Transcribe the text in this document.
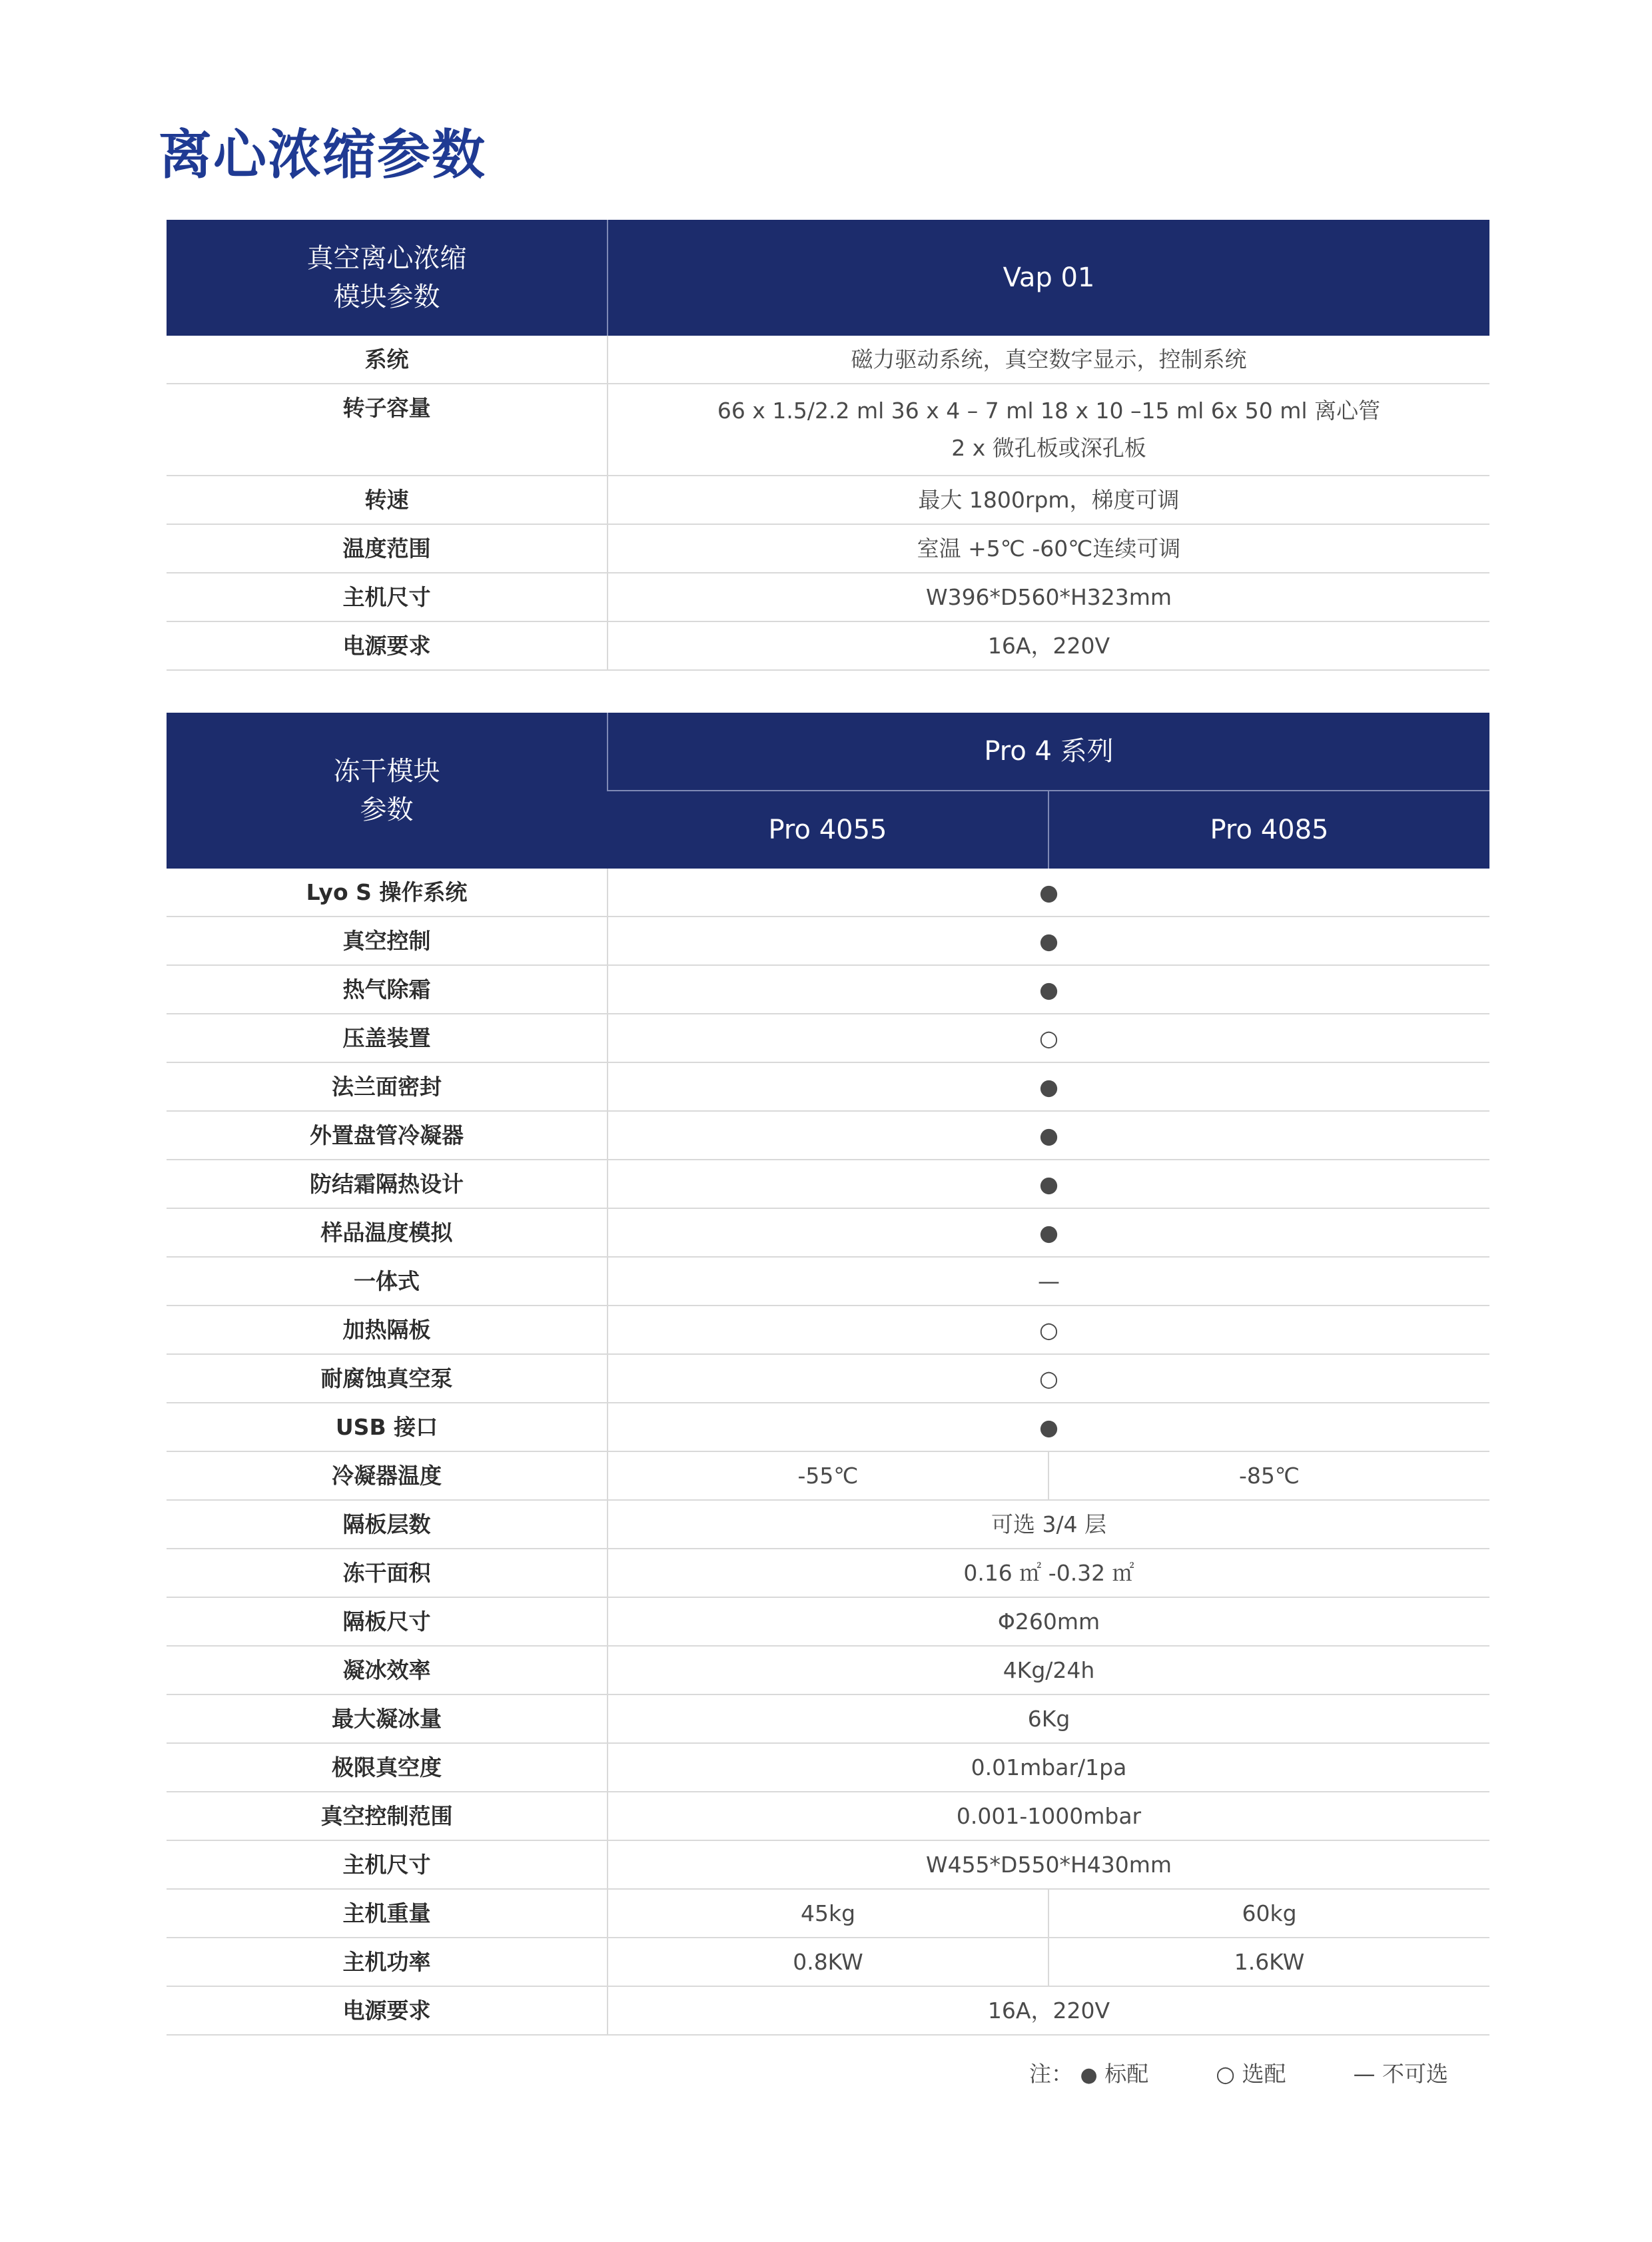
离心浓缩参数
真空离心浓缩
模块参数	Vap 01
系统	磁力驱动系统，真空数字显示，控制系统
转子容量	66 x 1.5/2.2 ml 36 x 4 – 7 ml 18 x 10 –15 ml 6x 50 ml 离心管
2 x 微孔板或深孔板

转速	最大 1800rpm，梯度可调
温度范围	室温 +5℃ -60℃连续可调
主机尺寸	W396*D560*H323mm
电源要求	16A，220V
冻干模块
参数	Pro 4 系列	
	Pro 4055	Pro 4085
Lyo S 操作系统	●	
真空控制	●	
热气除霜	●	
压盖装置	○	
法兰面密封	●	
外置盘管冷凝器	●	
防结霜隔热设计	●	
样品温度模拟	●	
一体式	—	
加热隔板	○	
耐腐蚀真空泵	○	
USB 接口	●	
冷凝器温度	-55℃	-85℃
隔板层数	可选 3/4 层	
冻干面积	0.16 ㎡ -0.32 ㎡	
隔板尺寸	Φ260mm	
凝冰效率	4Kg/24h	
最大凝冰量	6Kg	
极限真空度	0.01mbar/1pa	
真空控制范围	0.001-1000mbar	
主机尺寸	W455*D550*H430mm	
主机重量	45kg	60kg
主机功率	0.8KW	1.6KW
电源要求	16A，220V	
注： ● 标配	○ 选配	— 不可选
